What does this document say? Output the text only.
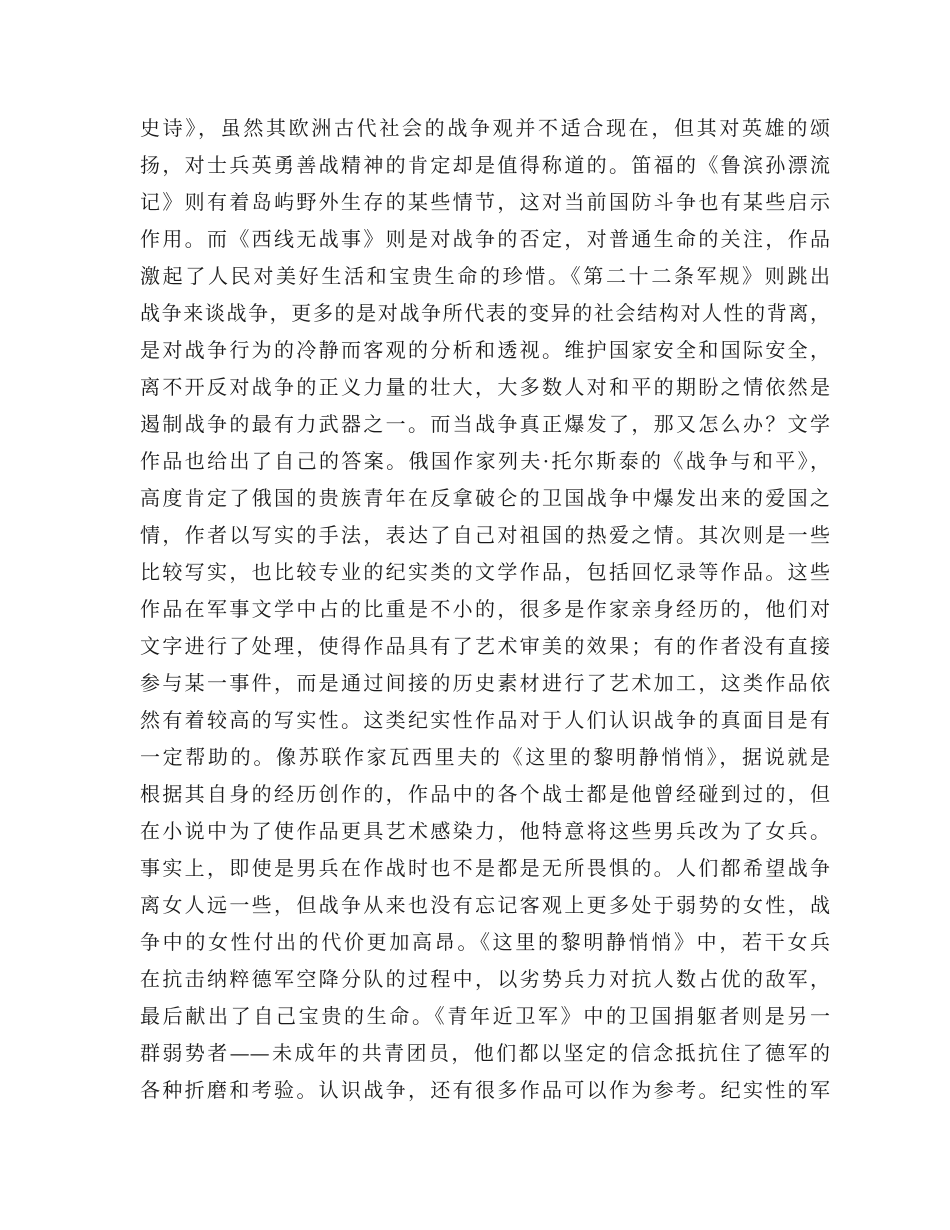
史诗》，虽然其欧洲古代社会的战争观并不适合现在，但其对英雄的颂
扬，对士兵英勇善战精神的肯定却是值得称道的。笛福的《鲁滨孙漂流
记》则有着岛屿野外生存的某些情节，这对当前国防斗争也有某些启示
作用。而《西线无战事》则是对战争的否定，对普通生命的关注，作品
激起了人民对美好生活和宝贵生命的珍惜。《第二十二条军规》则跳出
战争来谈战争，更多的是对战争所代表的变异的社会结构对人性的背离，
是对战争行为的冷静而客观的分析和透视。维护国家安全和国际安全，
离不开反对战争的正义力量的壮大，大多数人对和平的期盼之情依然是
遏制战争的最有力武器之一。而当战争真正爆发了，那又怎么办？文学
作品也给出了自己的答案。俄国作家列夫·托尔斯泰的《战争与和平》，
高度肯定了俄国的贵族青年在反拿破仑的卫国战争中爆发出来的爱国之
情，作者以写实的手法，表达了自己对祖国的热爱之情。其次则是一些
比较写实，也比较专业的纪实类的文学作品，包括回忆录等作品。这些
作品在军事文学中占的比重是不小的，很多是作家亲身经历的，他们对
文字进行了处理，使得作品具有了艺术审美的效果；有的作者没有直接
参与某一事件，而是通过间接的历史素材进行了艺术加工，这类作品依
然有着较高的写实性。这类纪实性作品对于人们认识战争的真面目是有
一定帮助的。像苏联作家瓦西里夫的《这里的黎明静悄悄》，据说就是
根据其自身的经历创作的，作品中的各个战士都是他曾经碰到过的，但
在小说中为了使作品更具艺术感染力，他特意将这些男兵改为了女兵。
事实上，即使是男兵在作战时也不是都是无所畏惧的。人们都希望战争
离女人远一些，但战争从来也没有忘记客观上更多处于弱势的女性，战
争中的女性付出的代价更加高昂。《这里的黎明静悄悄》中，若干女兵
在抗击纳粹德军空降分队的过程中，以劣势兵力对抗人数占优的敌军，
最后献出了自己宝贵的生命。《青年近卫军》中的卫国捐躯者则是另一
群弱势者——未成年的共青团员，他们都以坚定的信念抵抗住了德军的
各种折磨和考验。认识战争，还有很多作品可以作为参考。纪实性的军
